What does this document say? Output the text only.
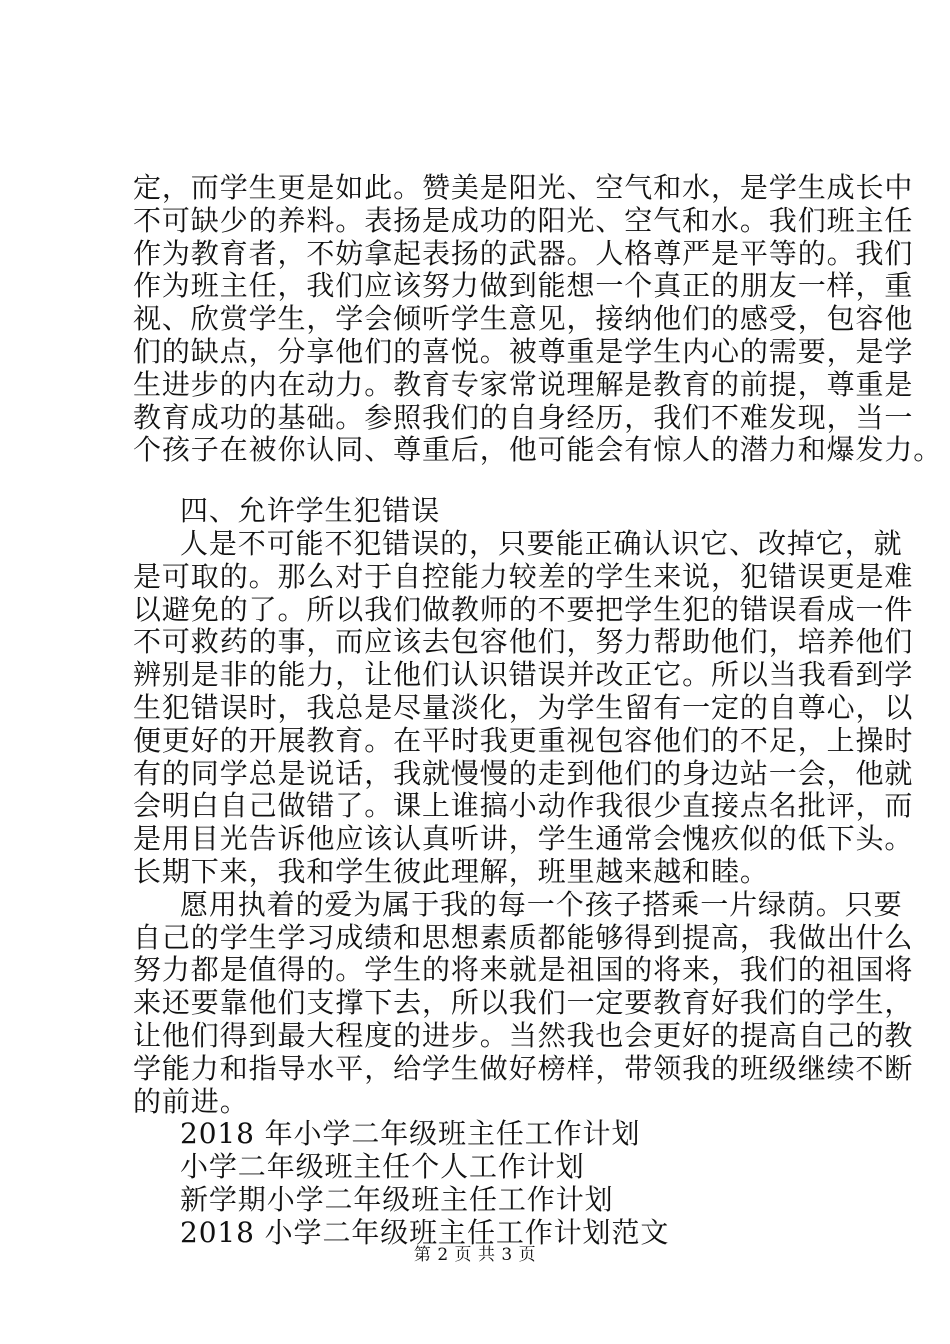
定，而学生更是如此。赞美是阳光、空气和水，是学生成长中
不可缺少的养料。表扬是成功的阳光、空气和水。我们班主任
作为教育者，不妨拿起表扬的武器。人格尊严是平等的。我们
作为班主任，我们应该努力做到能想一个真正的朋友一样，重
视、欣赏学生，学会倾听学生意见，接纳他们的感受，包容他
们的缺点，分享他们的喜悦。被尊重是学生内心的需要，是学
生进步的内在动力。教育专家常说理解是教育的前提，尊重是
教育成功的基础。参照我们的自身经历，我们不难发现，当一
个孩子在被你认同、尊重后，他可能会有惊人的潜力和爆发力。
四、允许学生犯错误
人是不可能不犯错误的，只要能正确认识它、改掉它，就
是可取的。那么对于自控能力较差的学生来说，犯错误更是难
以避免的了。所以我们做教师的不要把学生犯的错误看成一件
不可救药的事，而应该去包容他们，努力帮助他们，培养他们
辨别是非的能力，让他们认识错误并改正它。所以当我看到学
生犯错误时，我总是尽量淡化，为学生留有一定的自尊心，以
便更好的开展教育。在平时我更重视包容他们的不足，上操时
有的同学总是说话，我就慢慢的走到他们的身边站一会，他就
会明白自己做错了。课上谁搞小动作我很少直接点名批评，而
是用目光告诉他应该认真听讲，学生通常会愧疚似的低下头。
长期下来，我和学生彼此理解，班里越来越和睦。
愿用执着的爱为属于我的每一个孩子搭乘一片绿荫。只要
自己的学生学习成绩和思想素质都能够得到提高，我做出什么
努力都是值得的。学生的将来就是祖国的将来，我们的祖国将
来还要靠他们支撑下去，所以我们一定要教育好我们的学生，
让他们得到最大程度的进步。当然我也会更好的提高自己的教
学能力和指导水平，给学生做好榜样，带领我的班级继续不断
的前进。
2018 年小学二年级班主任工作计划
小学二年级班主任个人工作计划
新学期小学二年级班主任工作计划
2018 小学二年级班主任工作计划范文
第 2 页 共 3 页
